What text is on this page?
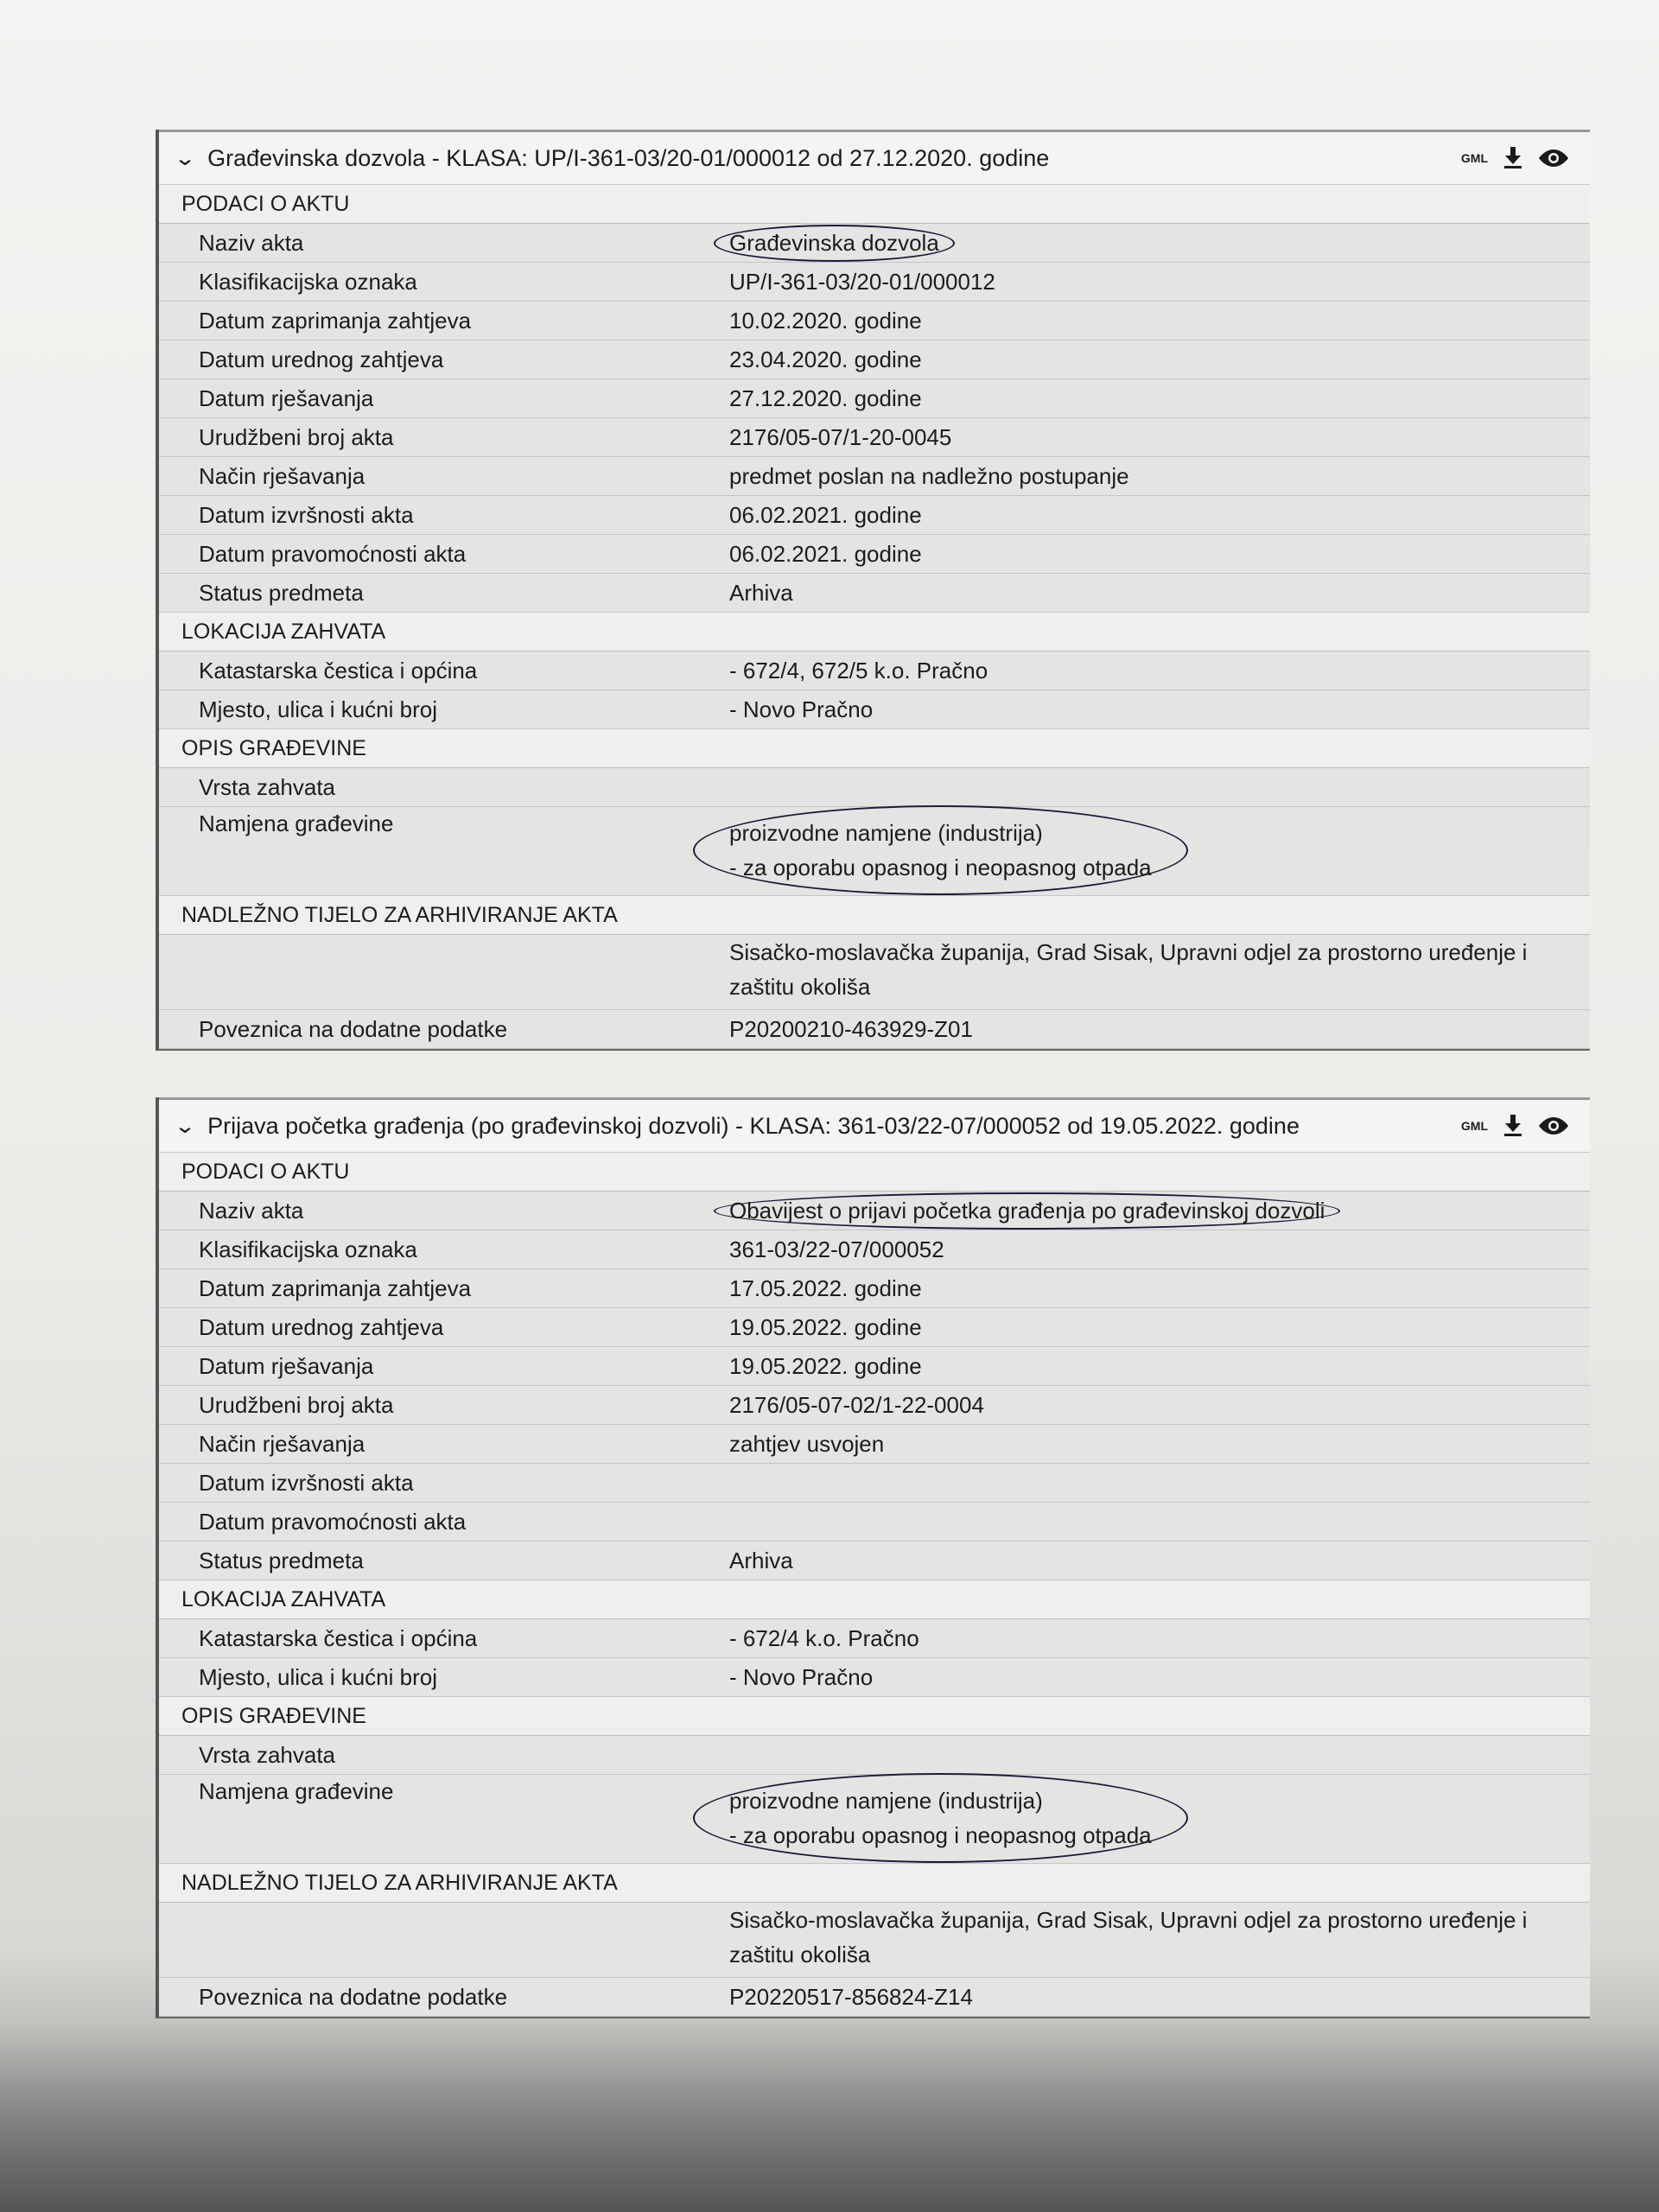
⌄ Građevinska dozvola - KLASA: UP/I-361-03/20-01/000012 od 27.12.2020. godine	GML
PODACI O AKTU
Naziv akta	Građevinska dozvola
Klasifikacijska oznaka	UP/I-361-03/20-01/000012
Datum zaprimanja zahtjeva	10.02.2020. godine
Datum urednog zahtjeva	23.04.2020. godine
Datum rješavanja	27.12.2020. godine
Urudžbeni broj akta	2176/05-07/1-20-0045
Način rješavanja	predmet poslan na nadležno postupanje
Datum izvršnosti akta	06.02.2021. godine
Datum pravomoćnosti akta	06.02.2021. godine
Status predmeta	Arhiva
LOKACIJA ZAHVATA
Katastarska čestica i općina	- 672/4, 672/5 k.o. Pračno
Mjesto, ulica i kućni broj	- Novo Pračno
OPIS GRAĐEVINE
Vrsta zahvata
Namjena građevine	proizvodne namjene (industrija)
- za oporabu opasnog i neopasnog otpada
NADLEŽNO TIJELO ZA ARHIVIRANJE AKTA
Sisačko-moslavačka županija, Grad Sisak, Upravni odjel za prostorno uređenje i
zaštitu okoliša
Poveznica na dodatne podatke	P20200210-463929-Z01
⌄ Prijava početka građenja (po građevinskoj dozvoli) - KLASA: 361-03/22-07/000052 od 19.05.2022. godine	GML
PODACI O AKTU
Naziv akta	Obavijest o prijavi početka građenja po građevinskoj dozvoli
Klasifikacijska oznaka	361-03/22-07/000052
Datum zaprimanja zahtjeva	17.05.2022. godine
Datum urednog zahtjeva	19.05.2022. godine
Datum rješavanja	19.05.2022. godine
Urudžbeni broj akta	2176/05-07-02/1-22-0004
Način rješavanja	zahtjev usvojen
Datum izvršnosti akta
Datum pravomoćnosti akta
Status predmeta	Arhiva
LOKACIJA ZAHVATA
Katastarska čestica i općina	- 672/4 k.o. Pračno
Mjesto, ulica i kućni broj	- Novo Pračno
OPIS GRAĐEVINE
Vrsta zahvata
Namjena građevine	proizvodne namjene (industrija)
- za oporabu opasnog i neopasnog otpada
NADLEŽNO TIJELO ZA ARHIVIRANJE AKTA
Sisačko-moslavačka županija, Grad Sisak, Upravni odjel za prostorno uređenje i
zaštitu okoliša
Poveznica na dodatne podatke	P20220517-856824-Z14
